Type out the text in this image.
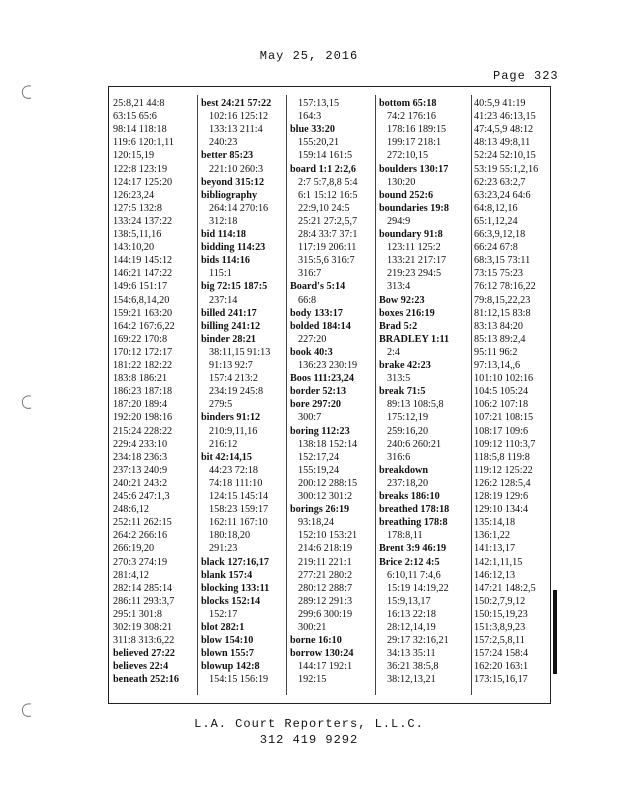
May 25, 2016
Page 323
25:8,21 44:8
63:15 65:6
98:14 118:18
119:6 120:1,11
120:15,19
122:8 123:19
124:17 125:20
126:23,24
127:5 132:8
133:24 137:22
138:5,11,16
143:10,20
144:19 145:12
146:21 147:22
149:6 151:17
154:6,8,14,20
159:21 163:20
164:2 167:6,22
169:22 170:8
170:12 172:17
181:22 182:22
183:8 186:21
186:23 187:18
187:20 189:4
192:20 198:16
215:24 228:22
229:4 233:10
234:18 236:3
237:13 240:9
240:21 243:2
245:6 247:1,3
248:6,12
252:11 262:15
264:2 266:16
266:19,20
270:3 274:19
281:4,12
282:14 285:14
286:11 293:3,7
295:1 301:8
302:19 308:21
311:8 313:6,22
believed 27:22
believes 22:4
beneath 252:16
best 24:21 57:22
102:16 125:12
133:13 211:4
240:23
better 85:23
221:10 260:3
beyond 315:12
bibliography
264:14 270:16
312:18
bid 114:18
bidding 114:23
bids 114:16
115:1
big 72:15 187:5
237:14
billed 241:17
billing 241:12
binder 28:21
38:11,15 91:13
91:13 92:7
157:4 213:2
234:19 245:8
279:5
binders 91:12
210:9,11,16
216:12
bit 42:14,15
44:23 72:18
74:18 111:10
124:15 145:14
158:23 159:17
162:11 167:10
180:18,20
291:23
black 127:16,17
blank 157:4
blocking 133:11
blocks 152:14
152:17
blot 282:1
blow 154:10
blown 155:7
blowup 142:8
154:15 156:19
157:13,15
164:3
blue 33:20
155:20,21
159:14 161:5
board 1:1 2:2,6
2:7 5:7,8,8 5:4
6:1 15:12 16:5
22:9,10 24:5
25:21 27:2,5,7
28:4 33:7 37:1
117:19 206:11
315:5,6 316:7
316:7
Board's 5:14
66:8
body 133:17
bolded 184:14
227:20
book 40:3
136:23 230:19
Boos 111:23,24
border 52:13
bore 297:20
300:7
boring 112:23
138:18 152:14
152:17,24
155:19,24
200:12 288:15
300:12 301:2
borings 26:19
93:18,24
152:10 153:21
214:6 218:19
219:11 221:1
277:21 280:2
280:12 288:7
289:12 291:3
299:6 300:19
300:21
borne 16:10
borrow 130:24
144:17 192:1
192:15
bottom 65:18
74:2 176:16
178:16 189:15
199:17 218:1
272:10,15
boulders 130:17
130:20
bound 252:6
boundaries 19:8
294:9
boundary 91:8
123:11 125:2
133:21 217:17
219:23 294:5
313:4
Bow 92:23
boxes 216:19
Brad 5:2
BRADLEY 1:11
2:4
brake 42:23
313:5
break 71:5
89:13 108:5,8
175:12,19
259:16,20
240:6 260:21
316:6
breakdown
237:18,20
breaks 186:10
breathed 178:18
breathing 178:8
178:8,11
Brent 3:9 46:19
Brice 2:12 4:5
6:10,11 7:4,6
15:19 14:19,22
15:9,13,17
16:13 22:18
28:12,14,19
29:17 32:16,21
34:13 35:11
36:21 38:5,8
38:12,13,21
40:5,9 41:19
41:23 46:13,15
47:4,5,9 48:12
48:13 49:8,11
52:24 52:10,15
53:19 55:1,2,16
62:23 63:2,7
63:23,24 64:6
64:8,12,16
65:1,12,24
66:3,9,12,18
66:24 67:8
68:3,15 73:11
73:15 75:23
76:12 78:16,22
79:8,15,22,23
81:12,15 83:8
83:13 84:20
85:13 89:2,4
95:11 96:2
97:13,14,,6
101:10 102:16
104:5 105:24
106:2 107:18
107:21 108:15
108:17 109:6
109:12 110:3,7
118:5,8 119:8
119:12 125:22
126:2 128:5,4
128:19 129:6
129:10 134:4
135:14,18
136:1,22
141:13,17
142:1,11,15
146:12,13
147:21 148:2,5
150:2,7,9,12
150:15,19,23
151:3,8,9,23
157:2,5,8,11
157:24 158:4
162:20 163:1
173:15,16,17
L.A. Court Reporters, L.L.C.
312 419 9292
